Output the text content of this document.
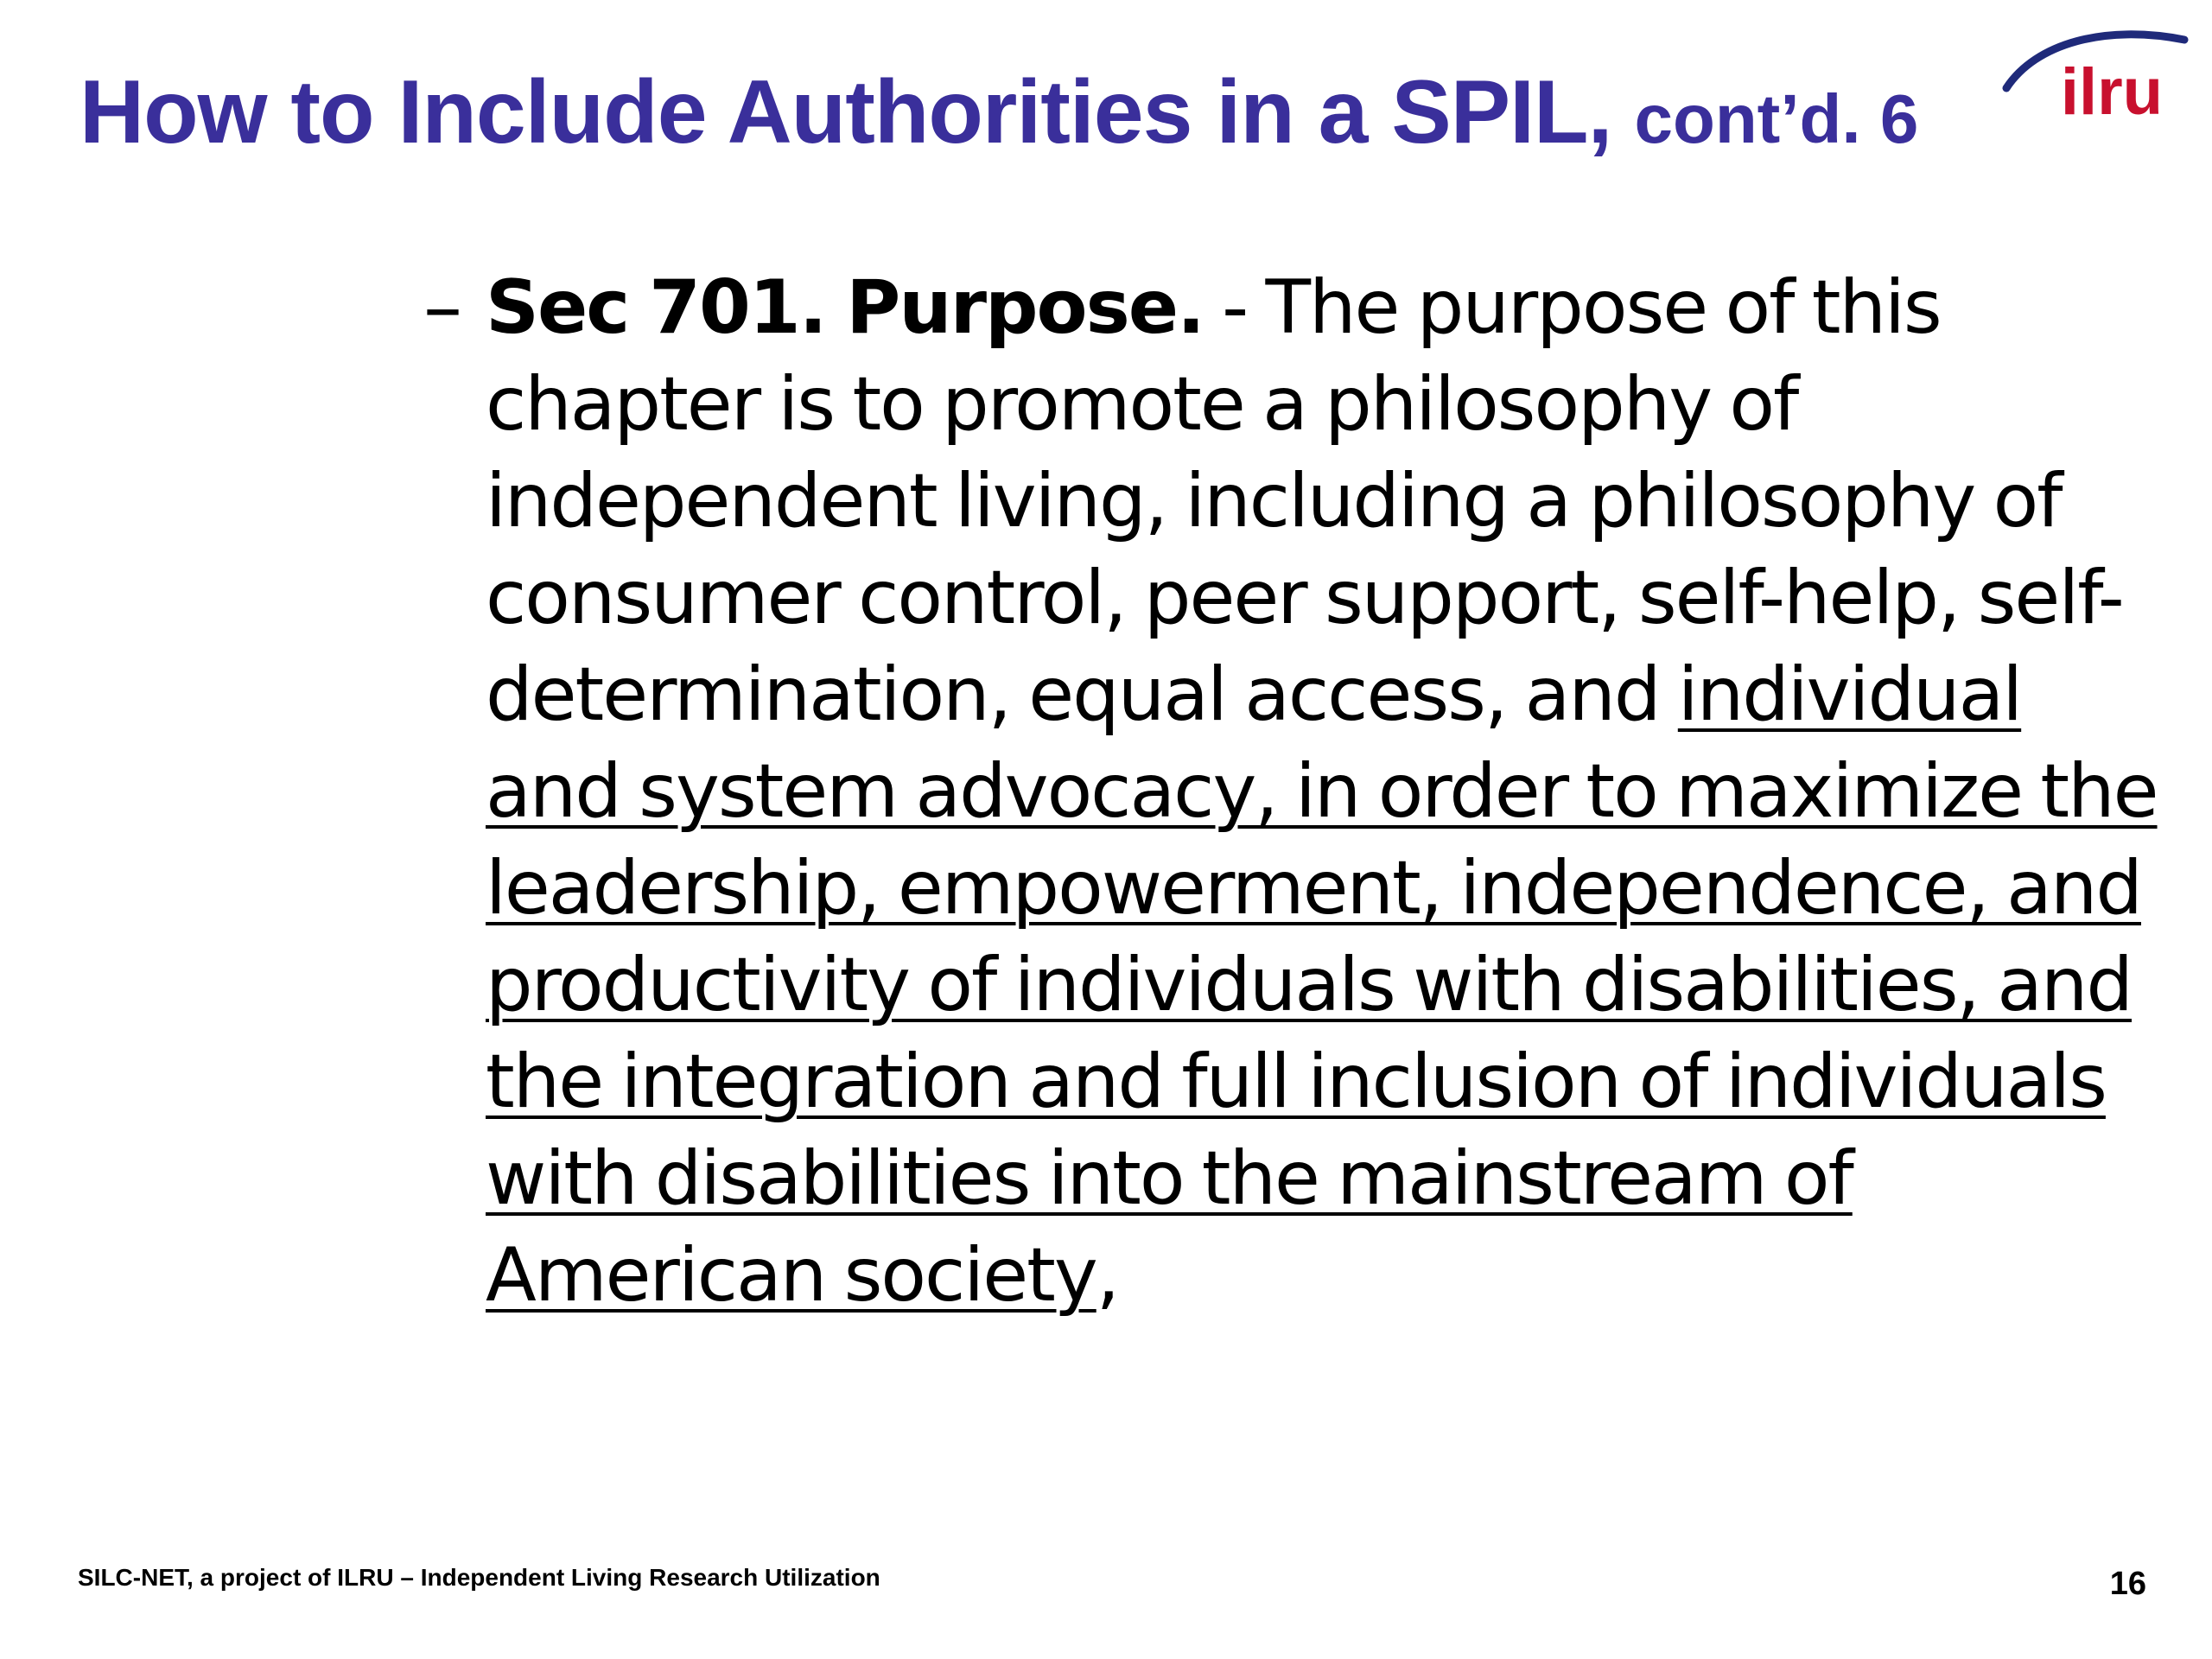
How to Include Authorities in a SPIL, cont’d. 6 ilru
– Sec 701. Purpose. - The purpose of this chapter is to promote a philosophy of independent living, including a philosophy of consumer control, peer support, self-help, self-determination, equal access, and individual and system advocacy, in order to maximize the leadership, empowerment, independence, and productivity of individuals with disabilities, and the integration and full inclusion of individuals with disabilities into the mainstream of American society,

SILC-NET, a project of ILRU – Independent Living Research Utilization	16
